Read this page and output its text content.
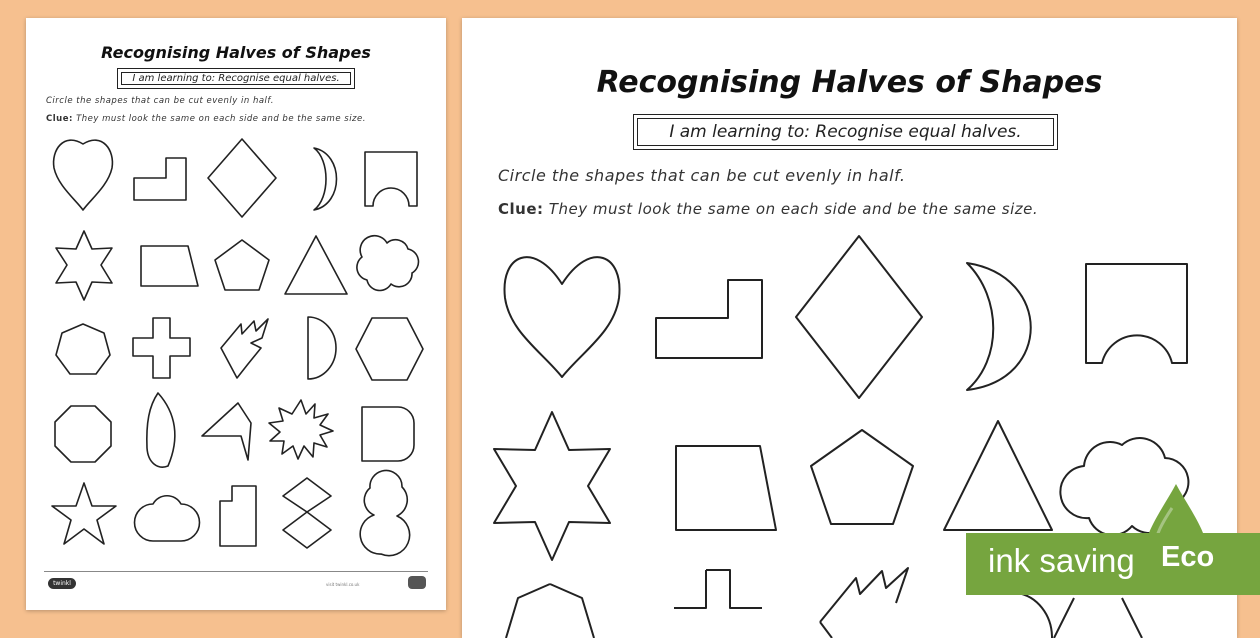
Recognising Halves of Shapes
I am learning to: Recognise equal halves.
Circle the shapes that can be cut evenly in half.
Clue: They must look the same on each side and be the same size.
twinkl	visit twinkl.co.uk
Recognising Halves of Shapes
I am learning to: Recognise equal halves.
Circle the shapes that can be cut evenly in half.
Clue: They must look the same on each side and be the same size.
ink saving Eco
